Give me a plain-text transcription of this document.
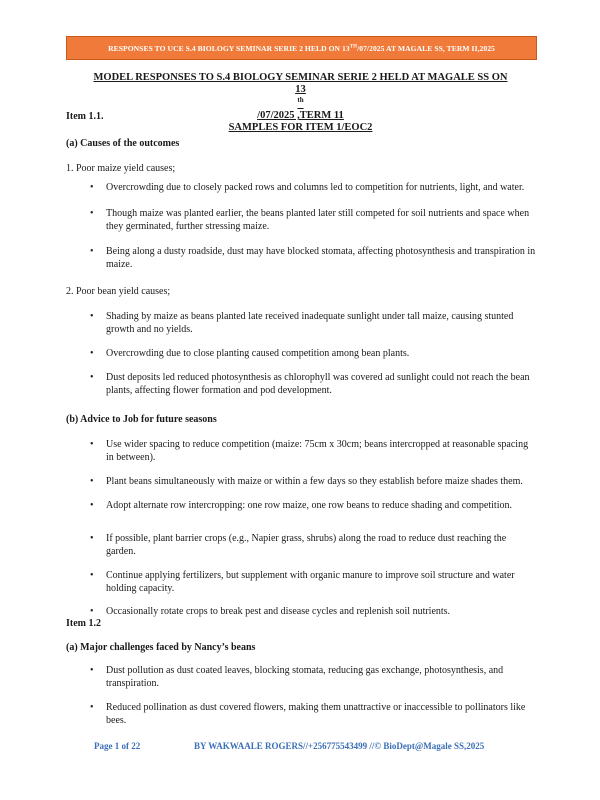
RESPONSES TO UCE S.4 BIOLOGY SEMINAR SERIE 2 HELD ON 13TH/07/2025 AT MAGALE SS, TERM II,2025
MODEL RESPONSES TO S.4 BIOLOGY SEMINAR SERIE 2 HELD AT MAGALE SS ON
13
$^{th}$
/07/2025 ,TERM 11
SAMPLES FOR ITEM 1/EOC2
Item 1.1.
(a) Causes of the outcomes
1. Poor maize yield causes;
• Overcrowding due to closely packed rows and columns led to competition for nutrients, light, and water.
• Though maize was planted earlier, the beans planted later still competed for soil nutrients and space when they germinated, further stressing maize.
• Being along a dusty roadside, dust may have blocked stomata, affecting photosynthesis and transpiration in maize.
2. Poor bean yield causes;
• Shading by maize as beans planted late received inadequate sunlight under tall maize, causing stunted growth and no yields.
• Overcrowding due to close planting caused competition among bean plants.
• Dust deposits led reduced photosynthesis as chlorophyll was covered ad sunlight could not reach the bean plants, affecting flower formation and pod development.
(b) Advice to Job for future seasons
• Use wider spacing to reduce competition (maize: 75cm x 30cm; beans intercropped at reasonable spacing in between).
• Plant beans simultaneously with maize or within a few days so they establish before maize shades them.
• Adopt alternate row intercropping: one row maize, one row beans to reduce shading and competition.
• If possible, plant barrier crops (e.g., Napier grass, shrubs) along the road to reduce dust reaching the garden.
• Continue applying fertilizers, but supplement with organic manure to improve soil structure and water holding capacity.
• Occasionally rotate crops to break pest and disease cycles and replenish soil nutrients.
Item 1.2
(a) Major challenges faced by Nancy’s beans
• Dust pollution as dust coated leaves, blocking stomata, reducing gas exchange, photosynthesis, and transpiration.
• Reduced pollination as dust covered flowers, making them unattractive or inaccessible to pollinators like bees.
Page 1 of 22	BY WAKWAALE ROGERS//+256775543499 //© BioDept@Magale SS,2025
